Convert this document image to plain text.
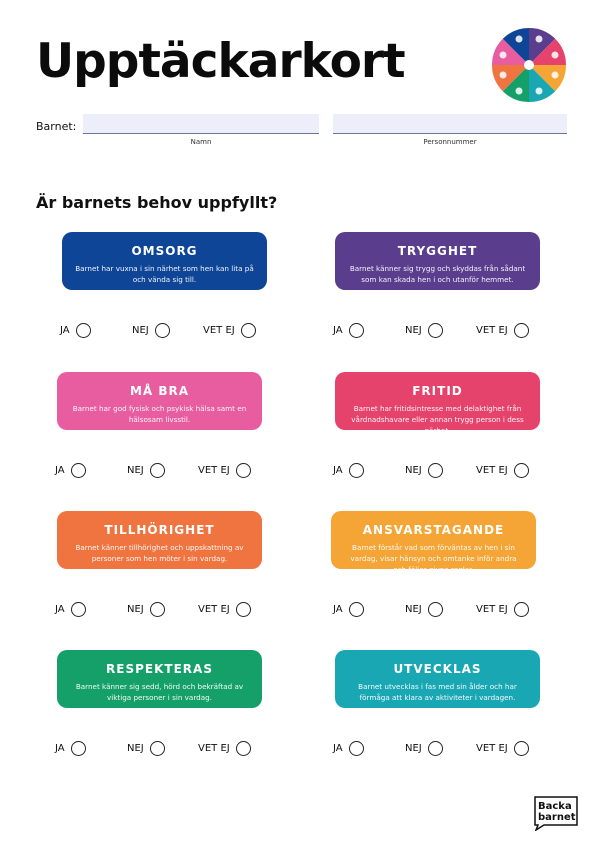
Upptäckarkort
Barnet:
Namn	Personnummer
Är barnets behov uppfyllt?
OMSORG
Barnet har vuxna i sin närhet som hen kan lita på och vända sig till.
JA	NEJ	VET EJ
TRYGGHET
Barnet känner sig trygg och skyddas från sådant som kan skada hen i och utanför hemmet.
JA	NEJ	VET EJ
MÅ BRA
Barnet har god fysisk och psykisk hälsa samt en hälsosam livsstil.
JA	NEJ	VET EJ
FRITID
Barnet har fritidsintresse med delaktighet från vårdnadshavare eller annan trygg person i dess närhet.
JA	NEJ	VET EJ
TILLHÖRIGHET
Barnet känner tillhörighet och uppskattning av personer som hen möter i sin vardag.
JA	NEJ	VET EJ
ANSVARSTAGANDE
Barnet förstår vad som förväntas av hen i sin vardag, visar hänsyn och omtanke inför andra och följer givna regler.
JA	NEJ	VET EJ
RESPEKTERAS
Barnet känner sig sedd, hörd och bekräftad av viktiga personer i sin vardag.
JA	NEJ	VET EJ
UTVECKLAS
Barnet utvecklas i fas med sin ålder och har förmåga att klara av aktiviteter i vardagen.
JA	NEJ	VET EJ
Backa
barnet
